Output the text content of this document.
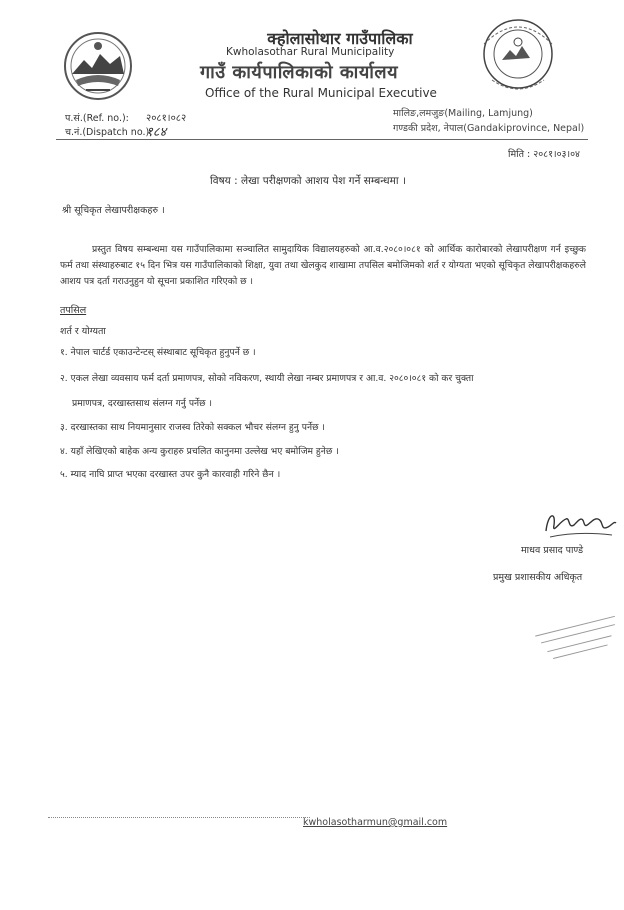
क्होलासोथार गाउँपालिका
Kwholasothar Rural Municipality
गाउँ कार्यपालिकाको कार्यालय
Office of the Rural Municipal Executive
मालिङ,लमजुङ(Mailing, Lamjung)
गण्डकी प्रदेश, नेपाल(Gandakiprovince, Nepal)
प.सं.(Ref. no.): २०८१।०८२
च.नं.(Dispatch no.):
१८४
मिति : २०८१।०३।०४
विषय : लेखा परीक्षणको आशय पेश गर्ने सम्बन्धमा ।
श्री सूचिकृत लेखापरीक्षकहरु ।
प्रस्तुत विषय सम्बन्धमा यस गाउँपालिकामा सञ्चालित सामुदायिक विद्यालयहरुको आ.व.२०८०।०८१ को आर्थिक कारोबारको लेखापरीक्षण गर्न इच्छुक फर्म तथा संस्थाहरुबाट १५ दिन भित्र यस गाउँपालिकाको शिक्षा, युवा तथा खेलकुद शाखामा तपसिल बमोजिमको शर्त र योग्यता भएको सूचिकृत लेखापरीक्षकहरुले आशय पत्र दर्ता गराउनुहुन यो सूचना प्रकाशित गरिएको छ ।
तपसिल
शर्त र योग्यता
१. नेपाल चार्टर्ड एकाउन्टेन्टस् संस्थाबाट सूचिकृत हुनुपर्ने छ ।
२. एकल लेखा व्यवसाय फर्म दर्ता प्रमाणपत्र, सोको नविकरण, स्थायी लेखा नम्बर प्रमाणपत्र र आ.व. २०८०।०८१ को कर चुक्ता
प्रमाणपत्र, दरखास्तसाथ संलग्न गर्नु पर्नेछ ।
३. दरखास्तका साथ नियमानुसार राजस्व तिरेको सक्कल भौचर संलग्न हुनु पर्नेछ ।
४. यहाँ लेखिएको बाहेक अन्य कुराहरु प्रचलित कानुनमा उल्लेख भए बमोजिम हुनेछ ।
५. म्याद नाघि प्राप्त भएका दरखास्त उपर कुनै कारवाही गरिने छैन ।
माधव प्रसाद पाण्डे
प्रमुख प्रशासकीय अधिकृत
kwholasotharmun@gmail.com
